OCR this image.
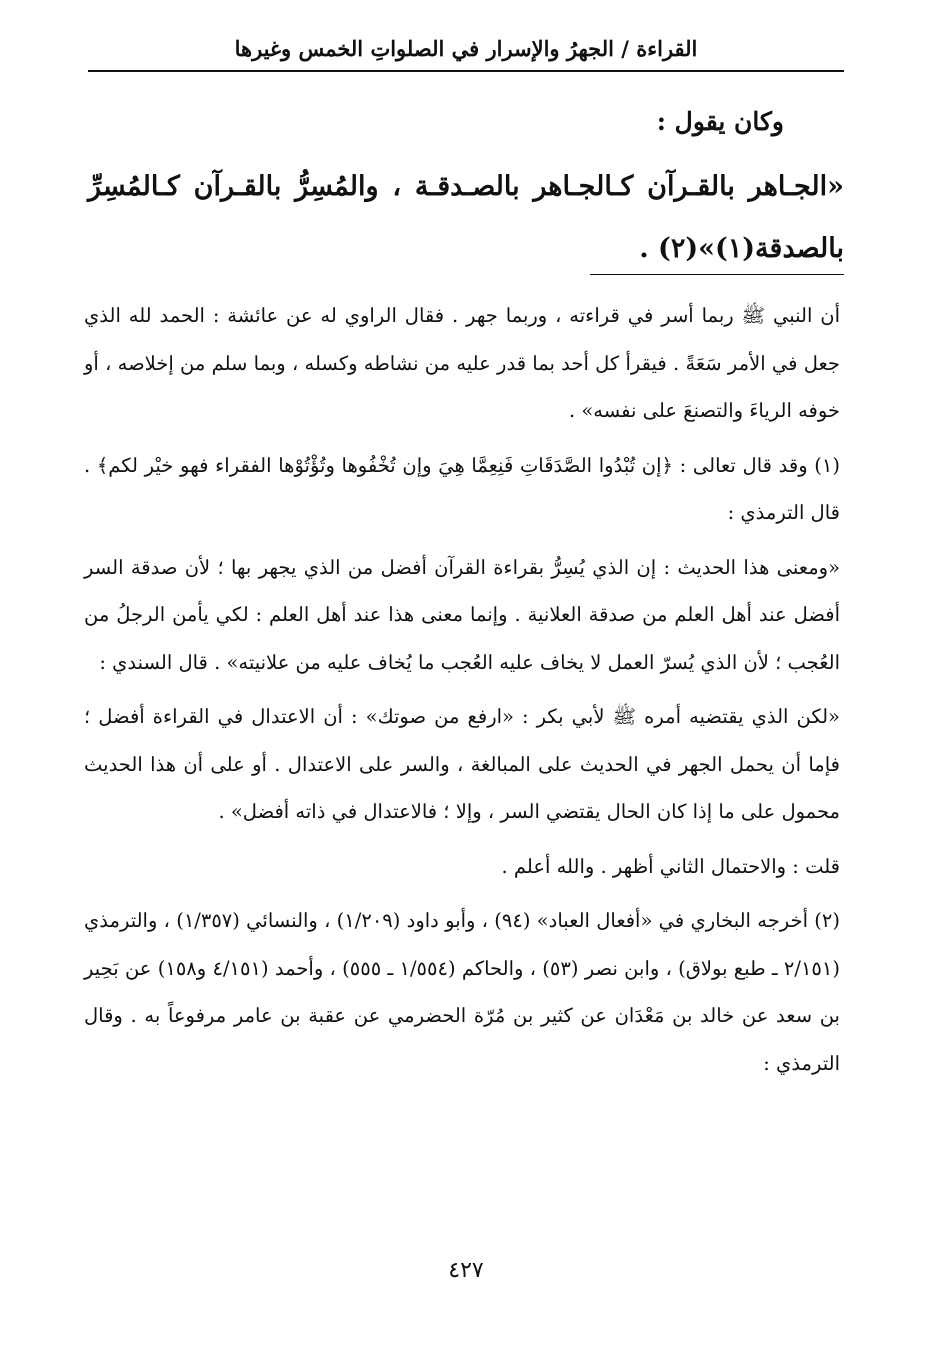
القراءة / الجهرُ والإسرار في الصلواتِ الخمس وغيرها
وكان يقول :
«الجـاهر بالقـرآن كـالجـاهر بالصـدقـة ، والمُسِرُّ بالقـرآن كـالمُسِرِّ بالصدقة(١)»(٢) .

أن النبي ﷺ ربما أسر في قراءته ، وربما جهر . فقال الراوي له عن عائشة : الحمد لله الذي جعل في الأمر سَعَةً . فيقرأ كل أحد بما قدر عليه من نشاطه وكسله ، وبما سلم من إخلاصه ، أو خوفه الرياءَ والتصنعَ على نفسه» .

(١) وقد قال تعالى : ﴿إن تُبْدُوا الصَّدَقَاتِ فَنِعِمَّا هِيَ وإن تُخْفُوها وتُؤْتُوْها الفقراء فهو خيْر لكم﴾ . قال الترمذي :

«ومعنى هذا الحديث : إن الذي يُسِرُّ بقراءة القرآن أفضل من الذي يجهر بها ؛ لأن صدقة السر أفضل عند أهل العلم من صدقة العلانية . وإنما معنى هذا عند أهل العلم : لكي يأمن الرجلُ من العُجب ؛ لأن الذي يُسرّ العمل لا يخاف عليه العُجب ما يُخاف عليه من علانيته» . قال السندي :

«لكن الذي يقتضيه أمره ﷺ لأبي بكر : «ارفع من صوتك» : أن الاعتدال في القراءة أفضل ؛ فإما أن يحمل الجهر في الحديث على المبالغة ، والسر على الاعتدال . أو على أن هذا الحديث محمول على ما إذا كان الحال يقتضي السر ، وإلا ؛ فالاعتدال في ذاته أفضل» .

قلت : والاحتمال الثاني أظهر . والله أعلم .

(٢) أخرجه البخاري في «أفعال العباد» (٩٤) ، وأبو داود (١/٢٠٩) ، والنسائي (١/٣٥٧) ، والترمذي (٢/١٥١ ـ طبع بولاق) ، وابن نصر (٥٣) ، والحاكم (١/٥٥٤ ـ ٥٥٥) ، وأحمد (٤/١٥١ و١٥٨) عن بَحِير بن سعد عن خالد بن مَعْدَان عن كثير بن مُرّة الحضرمي عن عقبة بن عامر مرفوعاً به . وقال الترمذي :

٤٢٧
